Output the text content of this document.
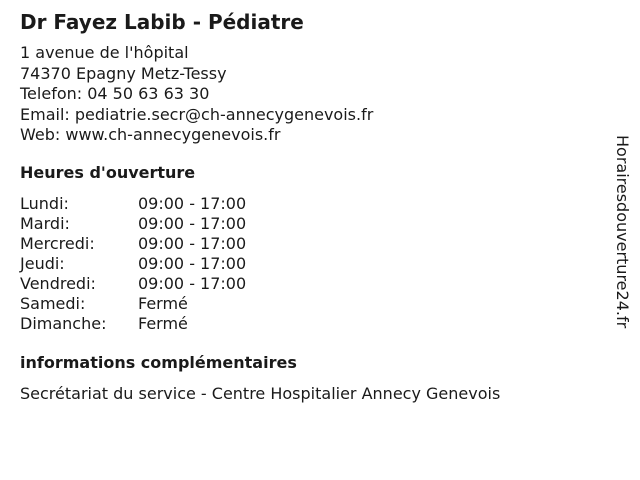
Dr Fayez Labib - Pédiatre
1 avenue de l'hôpital
74370 Epagny Metz-Tessy
Telefon: 04 50 63 63 30
Email: pediatrie.secr@ch-annecygenevois.fr
Web: www.ch-annecygenevois.fr
Heures d'ouverture
Lundi:	09:00 - 17:00
Mardi:	09:00 - 17:00
Mercredi:	09:00 - 17:00
Jeudi:	09:00 - 17:00
Vendredi:	09:00 - 17:00
Samedi:	Fermé
Dimanche: Fermé
informations complémentaires
Secrétariat du service - Centre Hospitalier Annecy Genevois
Horairesdouverture24.fr
